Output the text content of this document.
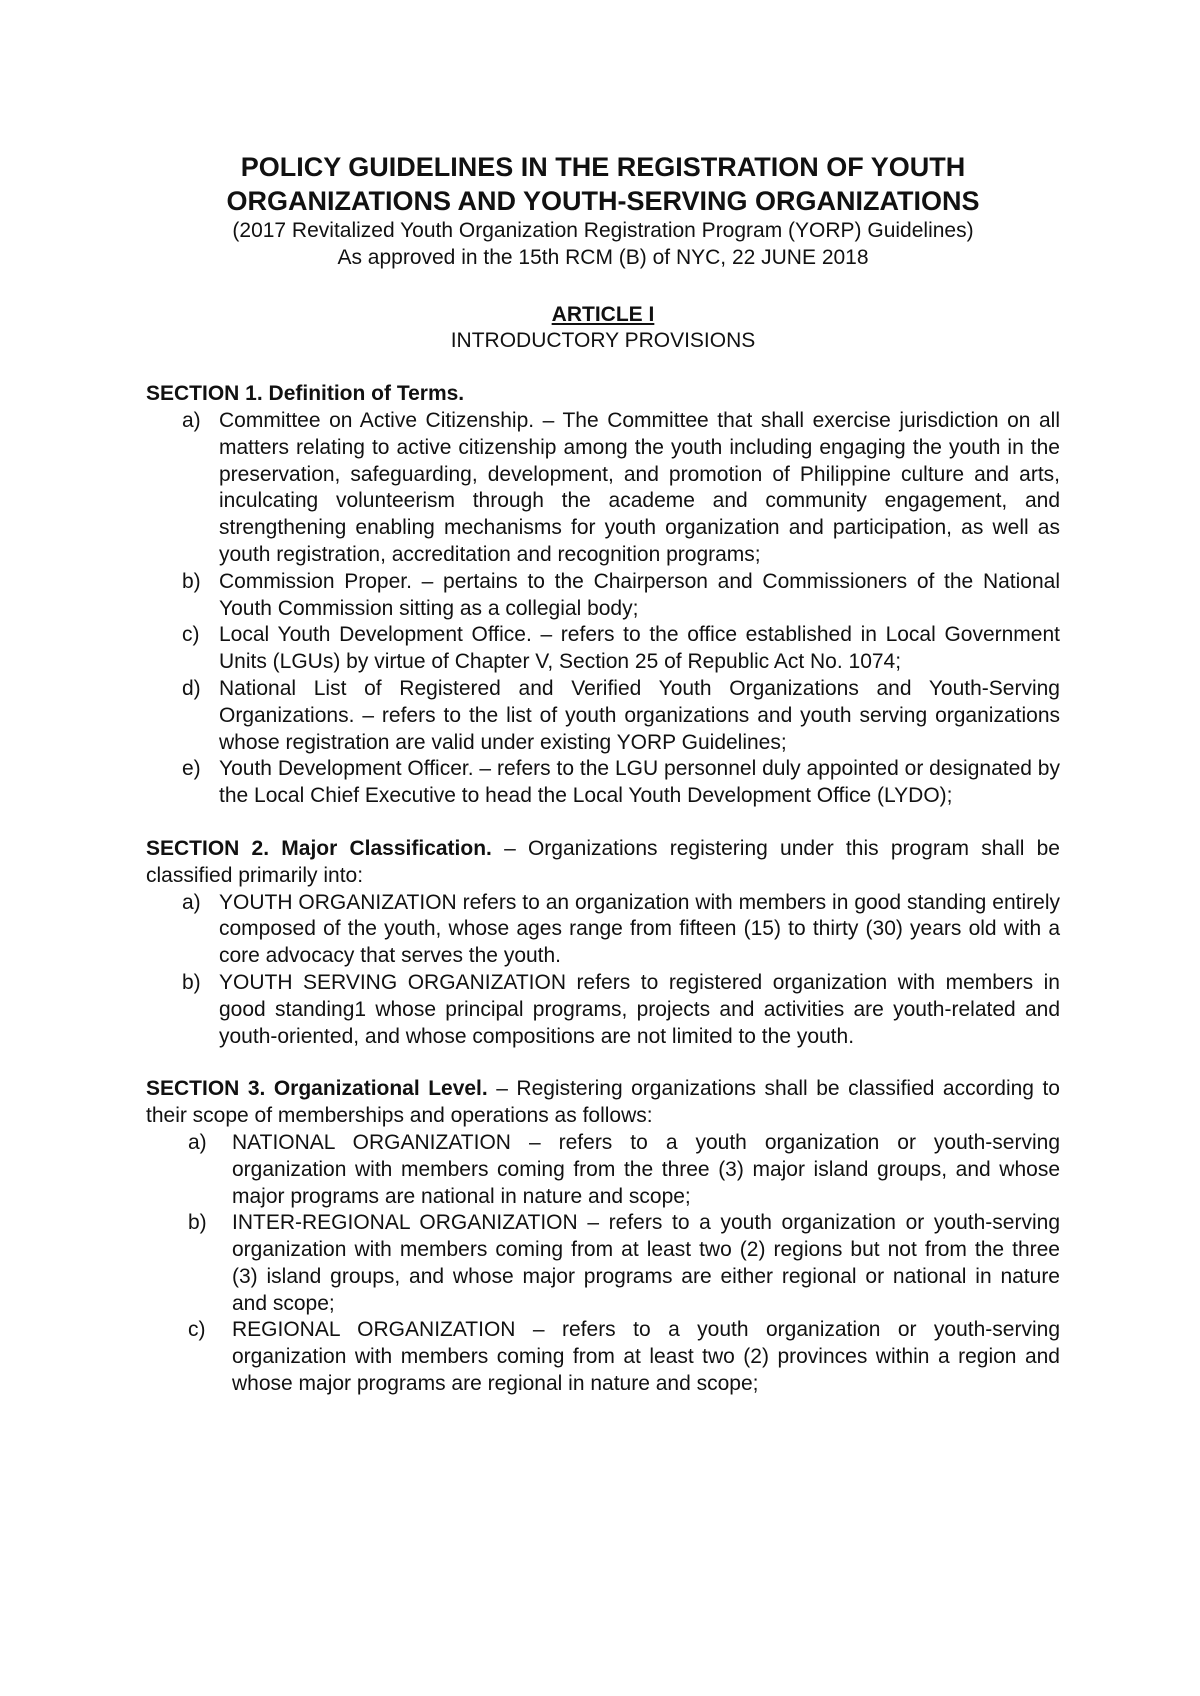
POLICY GUIDELINES IN THE REGISTRATION OF YOUTH
ORGANIZATIONS AND YOUTH-SERVING ORGANIZATIONS

(2017 Revitalized Youth Organization Registration Program (YORP) Guidelines)

As approved in the 15th RCM (B) of NYC, 22 JUNE 2018

ARTICLE I
INTRODUCTORY PROVISIONS

SECTION 1. Definition of Terms.

a) Committee on Active Citizenship. – The Committee that shall exercise jurisdiction on all matters relating to active citizenship among the youth including engaging the youth in the preservation, safeguarding, development, and promotion of Philippine culture and arts, inculcating volunteerism through the academe and community engagement, and strengthening enabling mechanisms for youth organization and participation, as well as youth registration, accreditation and recognition programs;
b) Commission Proper. – pertains to the Chairperson and Commissioners of the National Youth Commission sitting as a collegial body;
c) Local Youth Development Office. – refers to the office established in Local Government Units (LGUs) by virtue of Chapter V, Section 25 of Republic Act No. 1074;
d) National List of Registered and Verified Youth Organizations and Youth-Serving Organizations. – refers to the list of youth organizations and youth serving organizations whose registration are valid under existing YORP Guidelines;
e) Youth Development Officer. – refers to the LGU personnel duly appointed or designated by the Local Chief Executive to head the Local Youth Development Office (LYDO);

SECTION 2. Major Classification. – Organizations registering under this program shall be classified primarily into:

a) YOUTH ORGANIZATION refers to an organization with members in good standing entirely composed of the youth, whose ages range from fifteen (15) to thirty (30) years old with a core advocacy that serves the youth.
b) YOUTH SERVING ORGANIZATION refers to registered organization with members in good standing1 whose principal programs, projects and activities are youth-related and youth-oriented, and whose compositions are not limited to the youth.

SECTION 3. Organizational Level. – Registering organizations shall be classified according to their scope of memberships and operations as follows:

a) NATIONAL ORGANIZATION – refers to a youth organization or youth-serving organization with members coming from the three (3) major island groups, and whose major programs are national in nature and scope;
b) INTER-REGIONAL ORGANIZATION – refers to a youth organization or youth-serving organization with members coming from at least two (2) regions but not from the three (3) island groups, and whose major programs are either regional or national in nature and scope;
c) REGIONAL ORGANIZATION – refers to a youth organization or youth-serving organization with members coming from at least two (2) provinces within a region and whose major programs are regional in nature and scope;
